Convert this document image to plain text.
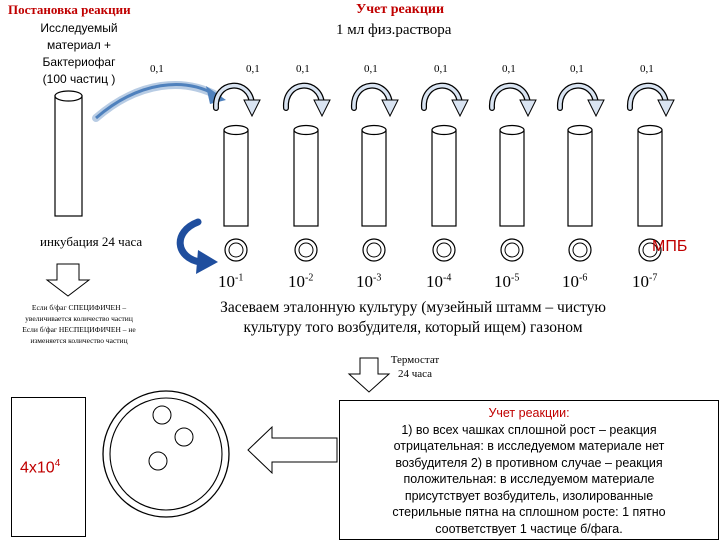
Постановка реакции

Исследуемый
материал +
Бактериофаг
(100 частиц )

0,1

Учет реакции

1 мл физ.раствора

0,1	0,1	0,1	0,1	0,1	0,1	0,1

инкубация 24 часа	МПБ

$10^{-1}$	$10^{-2}$	$10^{-3}$	$10^{-4}$	$10^{-5}$	$10^{-6}$	$10^{-7}$

Если б/фаг СПЕЦИФИЧЕН –
увеличивается количество частиц
Если б/фаг НЕСПЕЦИФИЧЕН – не
изменяется количество частиц
Засеваем эталонную культуру (музейный штамм – чистую
культуру того возбудителя, который ищем) газоном
Термостат
24 часа
$4х10^4$
Учет реакции:
1) во всех чашках сплошной рост – реакция
отрицательная: в исследуемом материале нет
возбудителя 2) в противном случае – реакция
положительная: в исследуемом материале
присутствует возбудитель, изолированные
стерильные пятна на сплошном росте: 1 пятно
соответствует 1 частице б/фага.
